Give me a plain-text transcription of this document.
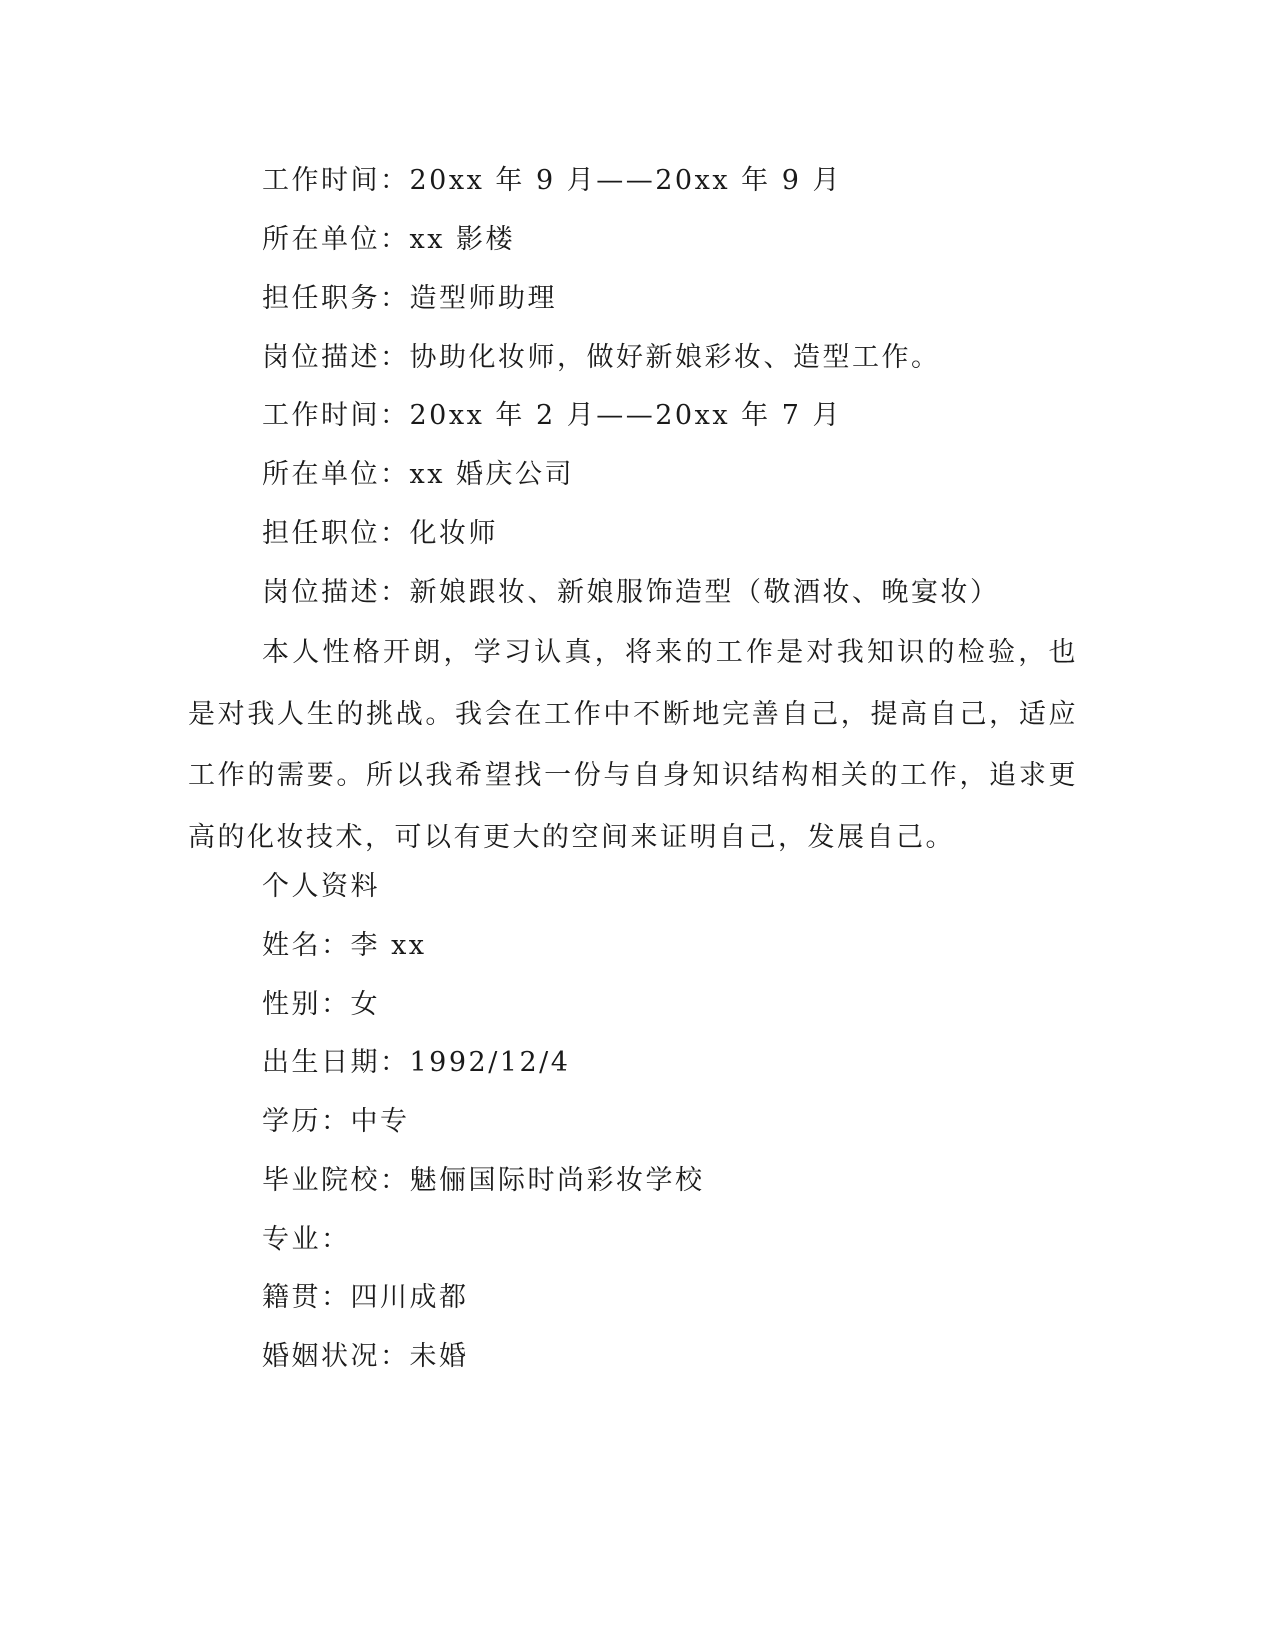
工作时间：20xx 年 9 月——20xx 年 9 月
所在单位：xx 影楼
担任职务：造型师助理
岗位描述：协助化妆师，做好新娘彩妆、造型工作。
工作时间：20xx 年 2 月——20xx 年 7 月
所在单位：xx 婚庆公司
担任职位：化妆师
岗位描述：新娘跟妆、新娘服饰造型（敬酒妆、晚宴妆）

本人性格开朗，学习认真，将来的工作是对我知识的检验，也是对我人生的挑战。我会在工作中不断地完善自己，提高自己，适应工作的需要。所以我希望找一份与自身知识结构相关的工作，追求更高的化妆技术，可以有更大的空间来证明自己，发展自己。

个人资料
姓名：李 xx
性别：女
出生日期：1992/12/4
学历：中专
毕业院校：魅俪国际时尚彩妆学校
专业：
籍贯：四川成都
婚姻状况：未婚
